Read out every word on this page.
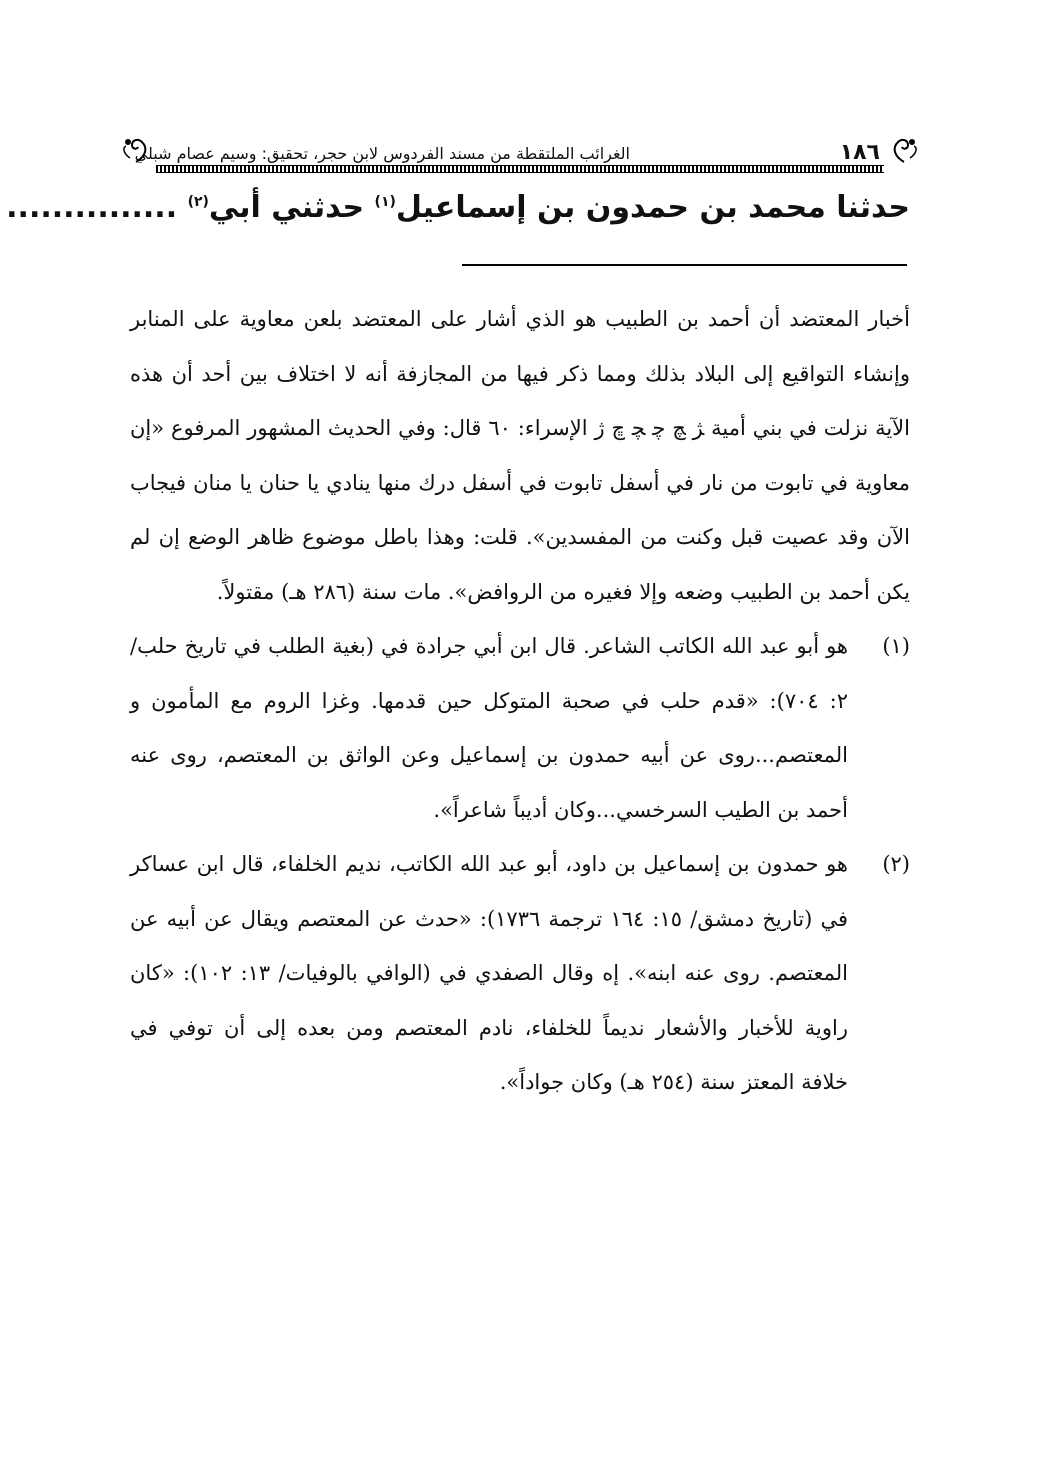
١٨٦
الغرائب الملتقطة من مسند الفردوس لابن حجر، تحقيق: وسيم عصام شبلي
حدثنا محمد بن حمدون بن إسماعيل$^{(١)}$ حدثني أبي$^{(٢)}$ ...............
أخبار المعتضد أن أحمد بن الطبيب هو الذي أشار على المعتضد بلعن معاوية على المنابر وإنشاء التواقيع إلى البلاد بذلك ومما ذكر فيها من المجازفة أنه لا اختلاف بين أحد أن هذه الآية نزلت في بني أمية ﮋ ﭻ ﭼ ﭽ ﭾ ﮊ الإسراء: ٦٠ قال: وفي الحديث المشهور المرفوع «إن معاوية في تابوت من نار في أسفل تابوت في أسفل درك منها ينادي يا حنان يا منان فيجاب الآن وقد عصيت قبل وكنت من المفسدين». قلت: وهذا باطل موضوع ظاهر الوضع إن لم يكن أحمد بن الطبيب وضعه وإلا فغيره من الروافض». مات سنة (٢٨٦ هـ) مقتولاً.
(١)
هو أبو عبد الله الكاتب الشاعر. قال ابن أبي جرادة في (بغية الطلب في تاريخ حلب/ ٢: ٧٠٤): «قدم حلب في صحبة المتوكل حين قدمها. وغزا الروم مع المأمون و المعتصم...روى عن أبيه حمدون بن إسماعيل وعن الواثق بن المعتصم، روى عنه أحمد بن الطيب السرخسي...وكان أديباً شاعراً».
(٢)
هو حمدون بن إسماعيل بن داود، أبو عبد الله الكاتب، نديم الخلفاء، قال ابن عساكر في (تاريخ دمشق/ ١٥: ١٦٤ ترجمة ١٧٣٦): «حدث عن المعتصم ويقال عن أبيه عن المعتصم. روى عنه ابنه». إه وقال الصفدي في (الوافي بالوفيات/ ١٣: ١٠٢): «كان راوية للأخبار والأشعار نديماً للخلفاء، نادم المعتصم ومن بعده إلى أن توفي في خلافة المعتز سنة (٢٥٤ هـ) وكان جواداً».
